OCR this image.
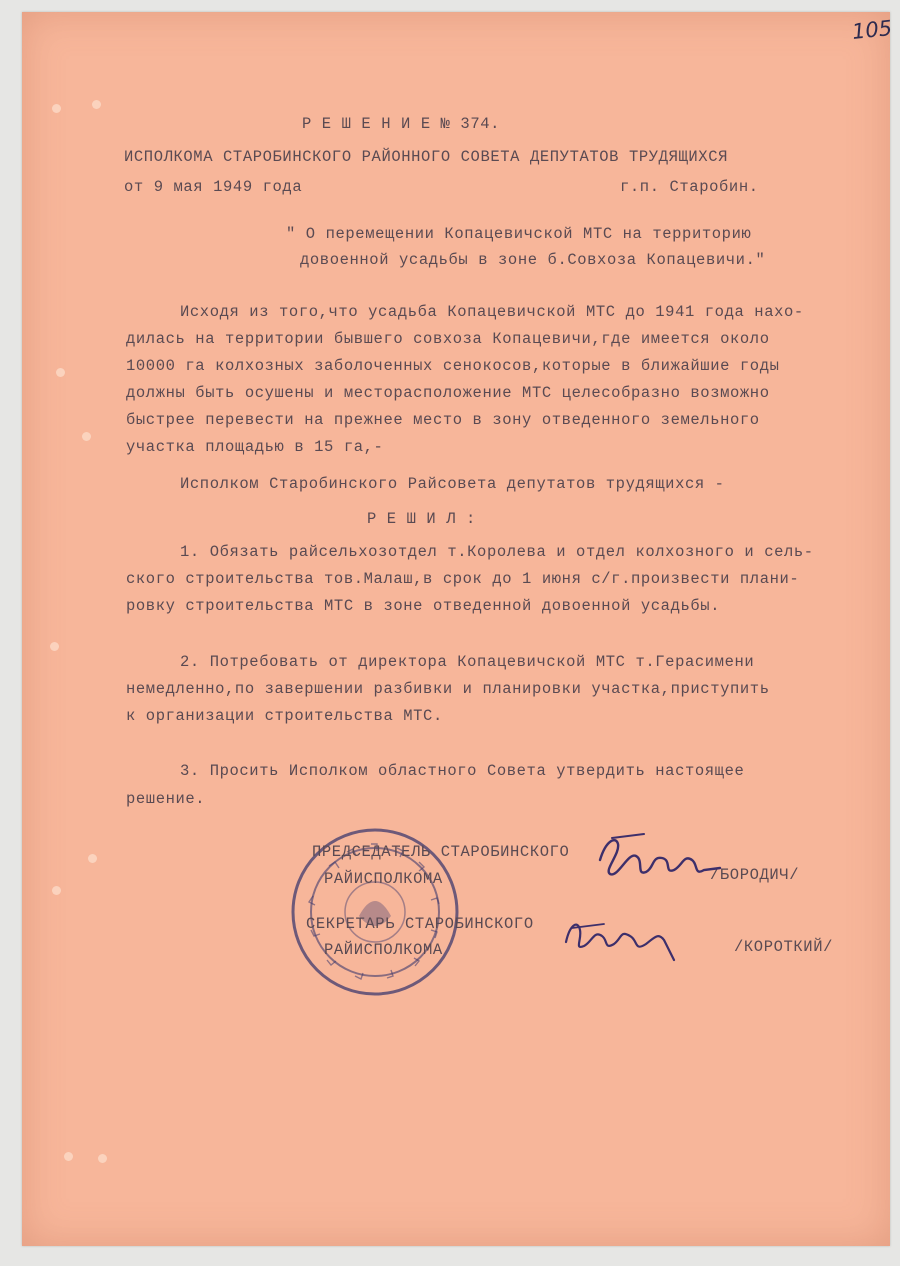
105
Р Е Ш Е Н И Е № 374.
ИСПОЛКОМА СТАРОБИНСКОГО РАЙОННОГО СОВЕТА ДЕПУТАТОВ ТРУДЯЩИХСЯ
от 9 мая 1949 года	г.п. Старобин.
" О перемещении Копацевичской МТС на территорию
довоенной усадьбы в зоне б.Совхоза Копацевичи."
Исходя из того,что усадьба Копацевичской МТС до 1941 года нахо-
дилась на территории бывшего совхоза Копацевичи,где имеется около
10000 га колхозных заболоченных сенокосов,которые в ближайшие годы
должны быть осушены и месторасположение МТС целесобразно возможно
быстрее перевести на прежнее место в зону отведенного земельного
участка площадью в 15 га,-
Исполком Старобинского Райсовета депутатов трудящихся -
Р Е Ш И Л :
1. Обязать райсельхозотдел т.Королева и отдел колхозного и сель-
ского строительства тов.Малаш,в срок до 1 июня с/г.произвести плани-
ровку строительства МТС в зоне отведенной довоенной усадьбы.
2. Потребовать от директора Копацевичской МТС т.Герасимени
немедленно,по завершении разбивки и планировки участка,приступить
к организации строительства МТС.
3. Просить Исполком областного Совета утвердить настоящее
решение.
ПРЕДСЕДАТЕЛЬ СТАРОБИНСКОГО
РАЙИСПОЛКОМА	/БОРОДИЧ/
СЕКРЕТАРЬ СТАРОБИНСКОГО
РАЙИСПОЛКОМА	/КОРОТКИЙ/
